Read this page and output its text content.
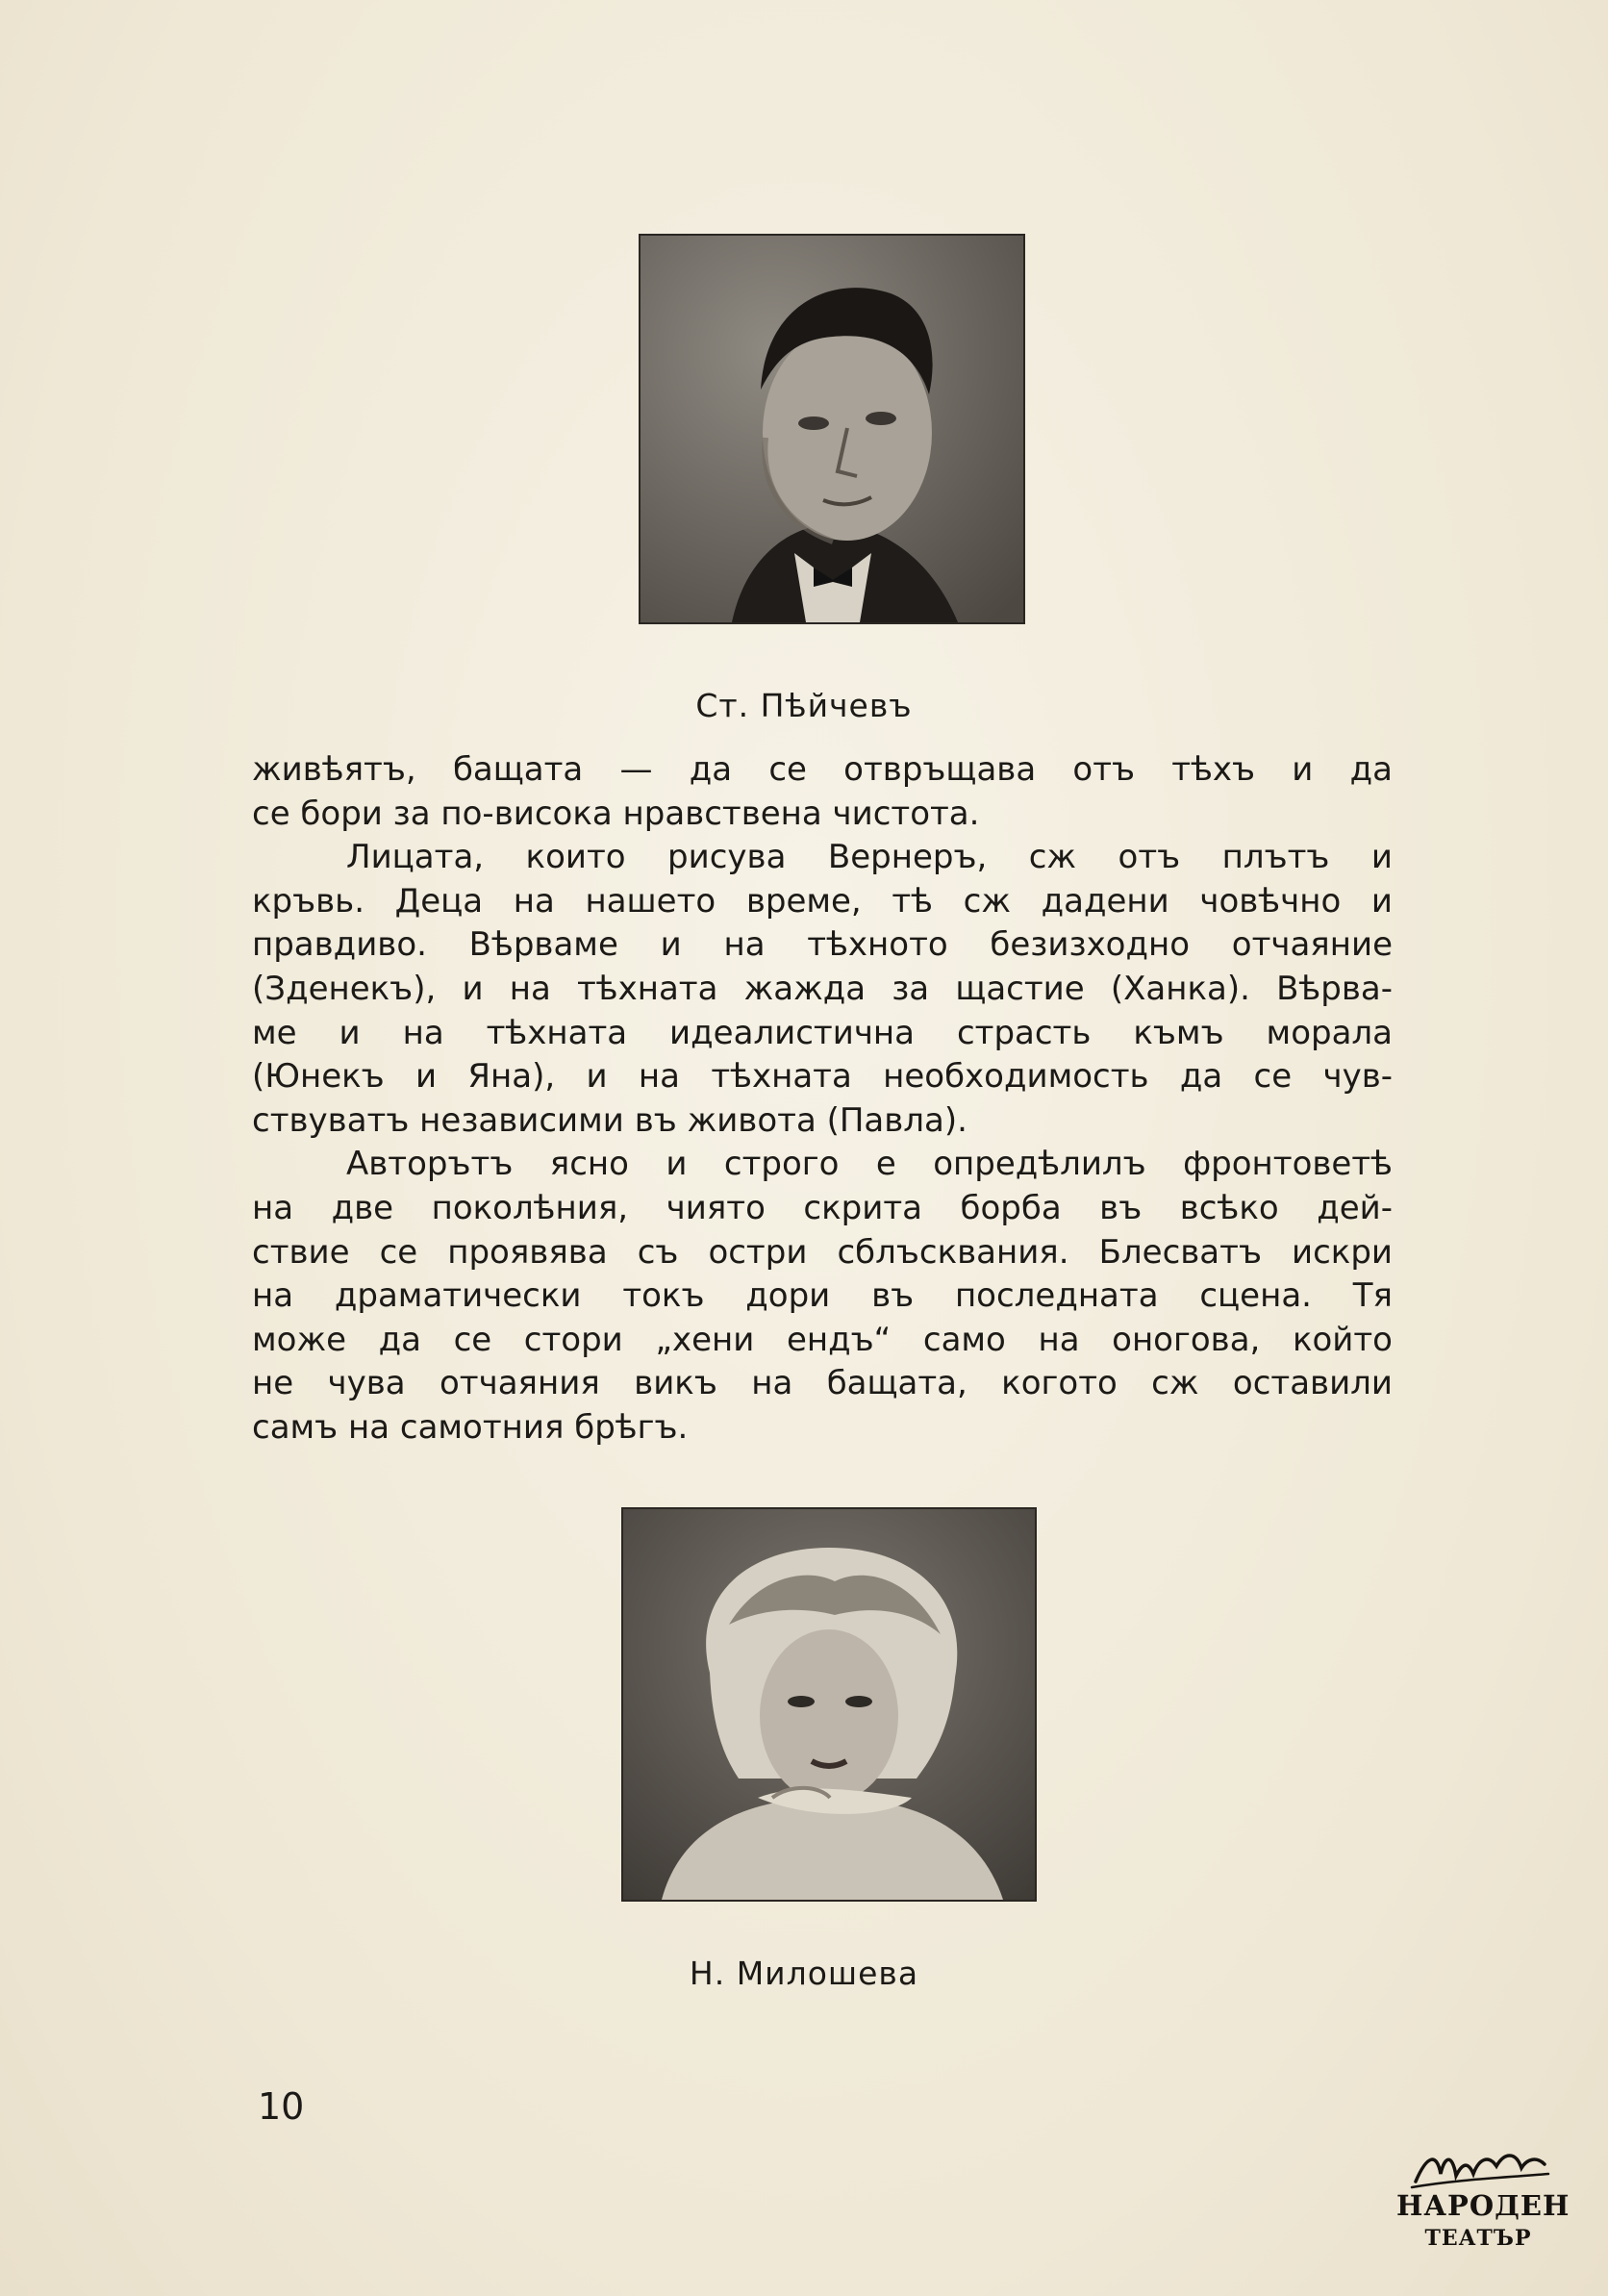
Ст. Пѣйчевъ
живѣятъ, бащата — да се отвръщава отъ тѣхъ и да
се бори за по-висока нравствена чистота.
Лицата, които рисува Вернеръ, сж отъ плътъ и
кръвь. Деца на нашето време, тѣ сж дадени човѣчно и
правдиво. Вѣрваме и на тѣхното безизходно отчаяние
(Зденекъ), и на тѣхната жажда за щастие (Ханка). Вѣрва-
ме и на тѣхната идеалистична страсть къмъ морала
(Юнекъ и Яна), и на тѣхната необходимость да се чув-
ствуватъ независими въ живота (Павла).
Авторътъ ясно и строго е опредѣлилъ фронтоветѣ
на две поколѣния, чиято скрита борба въ всѣко дей-
ствие се проявява съ остри сблъсквания. Блесватъ искри
на драматически токъ дори въ последната сцена. Тя
може да се стори „хени ендъ“ само на оногова, който
не чува отчаяния викъ на бащата, когото сж оставили
самъ на самотния брѣгъ.
Н. Милошева
10
НАРОДЕН
ТЕАТЪР
